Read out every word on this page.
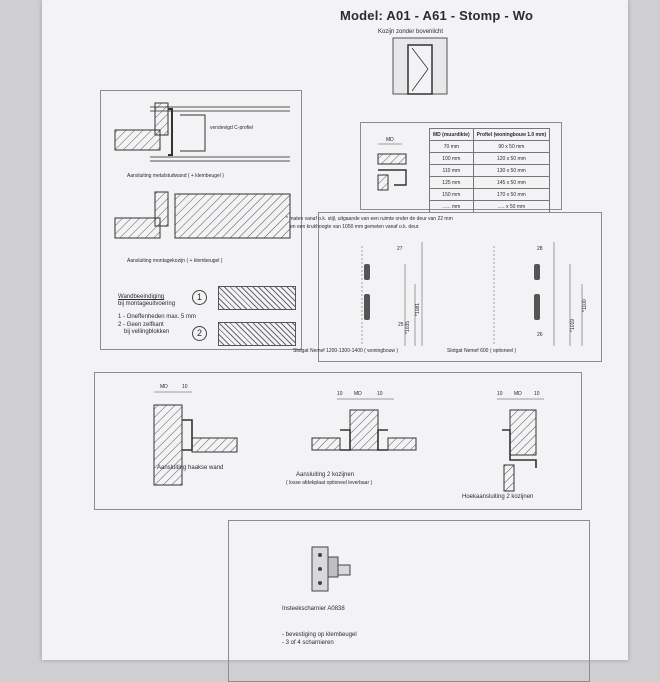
Model: A01 - A61 - Stomp - Wo
Kozijn zonder bovenlicht
verstevigd C-profiel
Aansluiting metalstudwand ( + klembeugel )
Aansluiting montagekozijn ( + klembeugel )
Wandbeeindiging
bij montageuitvoering
1 - Oneffenheden max. 5 mm
2 - Geen zelfkant
bij vellingblokken
1
2
MD
MD (muurdikte)	Profiel (woningbouw 1.0 mm)
70 mm	90 x 50 mm
100 mm	120 x 50 mm
110 mm	130 x 50 mm
125 mm	145 x 50 mm
150 mm	170 x 50 mm
...... mm	..... x 50 mm
* maten vanaf o.k. stijl, uitgaande van een ruimte onder de deur van 22 mm
en een krukhoogte van 1050 mm gemeten vanaf o.k. deur.
27
25 *1035
*1081
28
26
*1019
*1100
Slotgat Nemef 1200-1300-1400 ( woningbouw )	Slotgat Nemef 600 ( optioneel )
MD	10
10 MD	10	10 MD 10
Aansluiting haakse wand
Aansluiting 2 kozijnen
( losse afdekplaat optioneel leverbaar )
Hoekaansluiting 2 kozijnen
Insteekscharnier A0838
- bevestiging op klembeugel
- 3 of 4 scharnieren
